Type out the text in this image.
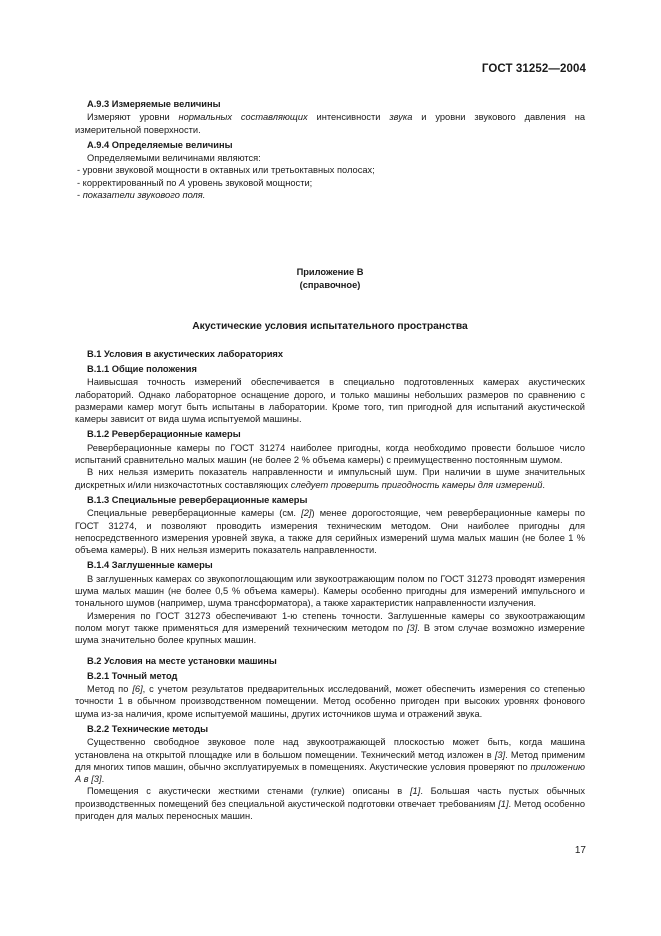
ГОСТ 31252—2004
А.9.3 Измеряемые величины

Измеряют уровни нормальных составляющих интенсивности звука и уровни звукового давления на измерительной поверхности.

А.9.4 Определяемые величины

Определяемыми величинами являются:

- уровни звуковой мощности в октавных или третьоктавных полосах;
- корректированный по А уровень звуковой мощности;
- показатели звукового поля.
Приложение В
(справочное)
Акустические условия испытательного пространства
В.1 Условия в акустических лабораториях
В.1.1 Общие положения

Наивысшая точность измерений обеспечивается в специально подготовленных камерах акустических лабораторий. Однако лабораторное оснащение дорого, и только машины небольших размеров по сравнению с размерами камер могут быть испытаны в лаборатории. Кроме того, тип пригодной для испытаний акустической камеры зависит от вида шума испытуемой машины.

В.1.2 Реверберационные камеры

Реверберационные камеры по ГОСТ 31274 наиболее пригодны, когда необходимо провести большое число испытаний сравнительно малых машин (не более 2 % объема камеры) с преимущественно постоянным шумом.

В них нельзя измерить показатель направленности и импульсный шум. При наличии в шуме значительных дискретных и/или низкочастотных составляющих следует проверить пригодность камеры для измерений.

В.1.3 Специальные реверберационные камеры

Специальные реверберационные камеры (см. [2]) менее дорогостоящие, чем реверберационные камеры по ГОСТ 31274, и позволяют проводить измерения техническим методом. Они наиболее пригодны для непосредственного измерения уровней звука, а также для серийных измерений шума малых машин (не более 1 % объема камеры). В них нельзя измерить показатель направленности.

В.1.4 Заглушенные камеры

В заглушенных камерах со звукопоглощающим или звукоотражающим полом по ГОСТ 31273 проводят измерения шума малых машин (не более 0,5 % объема камеры). Камеры особенно пригодны для измерений импульсного и тонального шумов (например, шума трансформатора), а также характеристик направленности излучения.

Измерения по ГОСТ 31273 обеспечивают 1-ю степень точности. Заглушенные камеры со звукоотражающим полом могут также применяться для измерений техническим методом по [3]. В этом случае возможно измерение шума значительно более крупных машин.

В.2 Условия на месте установки машины
В.2.1 Точный метод

Метод по [6], с учетом результатов предварительных исследований, может обеспечить измерения со степенью точности 1 в обычном производственном помещении. Метод особенно пригоден при высоких уровнях фонового шума из-за наличия, кроме испытуемой машины, других источников шума и отражений звука.

В.2.2 Технические методы

Существенно свободное звуковое поле над звукоотражающей плоскостью может быть, когда машина установлена на открытой площадке или в большом помещении. Технический метод изложен в [3]. Метод применим для многих типов машин, обычно эксплуатируемых в помещениях. Акустические условия проверяют по приложению А в [3].

Помещения с акустически жесткими стенами (гулкие) описаны в [1]. Большая часть пустых обычных производственных помещений без специальной акустической подготовки отвечает требованиям [1]. Метод особенно пригоден для малых переносных машин.

17
